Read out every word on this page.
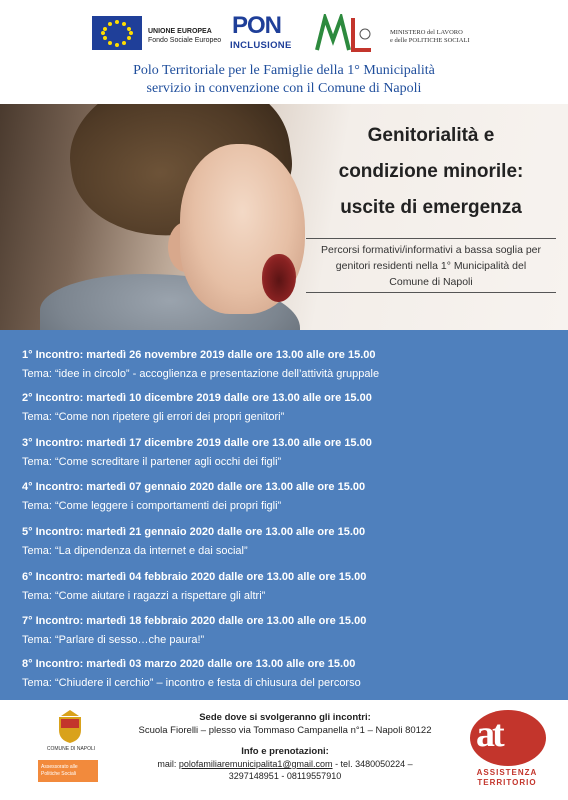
UNIONE EUROPEA
Fondo Sociale Europeo
PON
INCLUSIONE
MINISTERO del LAVORO
e delle POLITICHE SOCIALI
Polo Territoriale per le Famiglie della 1° Municipalità
servizio in convenzione con il Comune di Napoli
Genitorialità e
condizione minorile:
uscite di emergenza
Percorsi formativi/informativi a bassa soglia per
genitori residenti nella 1° Municipalità del
Comune di Napoli
1° Incontro: martedì 26 novembre 2019 dalle ore 13.00 alle ore 15.00
Tema: “idee in circolo” - accoglienza e presentazione dell’attività gruppale
2° Incontro: martedì 10 dicembre 2019 dalle ore 13.00 alle ore 15.00
Tema: “Come non ripetere gli errori dei propri genitori”
3° Incontro: martedì 17 dicembre 2019 dalle ore 13.00 alle ore 15.00
Tema: “Come screditare il partener agli occhi dei figli”
4° Incontro: martedì 07 gennaio 2020 dalle ore 13.00 alle ore 15.00
Tema: “Come leggere i comportamenti dei propri figli”
5° Incontro: martedì 21 gennaio 2020 dalle ore 13.00 alle ore 15.00
Tema: “La dipendenza da internet e dai social”
6° Incontro: martedì 04 febbraio 2020 dalle ore 13.00 alle ore 15.00
Tema: “Come aiutare i ragazzi a rispettare gli altri”
7° Incontro: martedì 18 febbraio 2020 dalle ore 13.00 alle ore 15.00
Tema: “Parlare di sesso…che paura!”
8° Incontro: martedì 03 marzo 2020 dalle ore 13.00 alle ore 15.00
Tema: “Chiudere il cerchio” – incontro e festa di chiusura del percorso
COMUNE DI NAPOLI
Assessorato alle
Politiche Sociali
Sede dove si svolgeranno gli incontri:
Scuola Fiorelli – plesso via Tommaso Campanella n°1 – Napoli 80122
Info e prenotazioni:
mail: polofamiliaremunicipalita1@gmail.com - tel. 3480050224 –
3297148951 - 08119557910
at
ASSISTENZA
TERRITORIO
